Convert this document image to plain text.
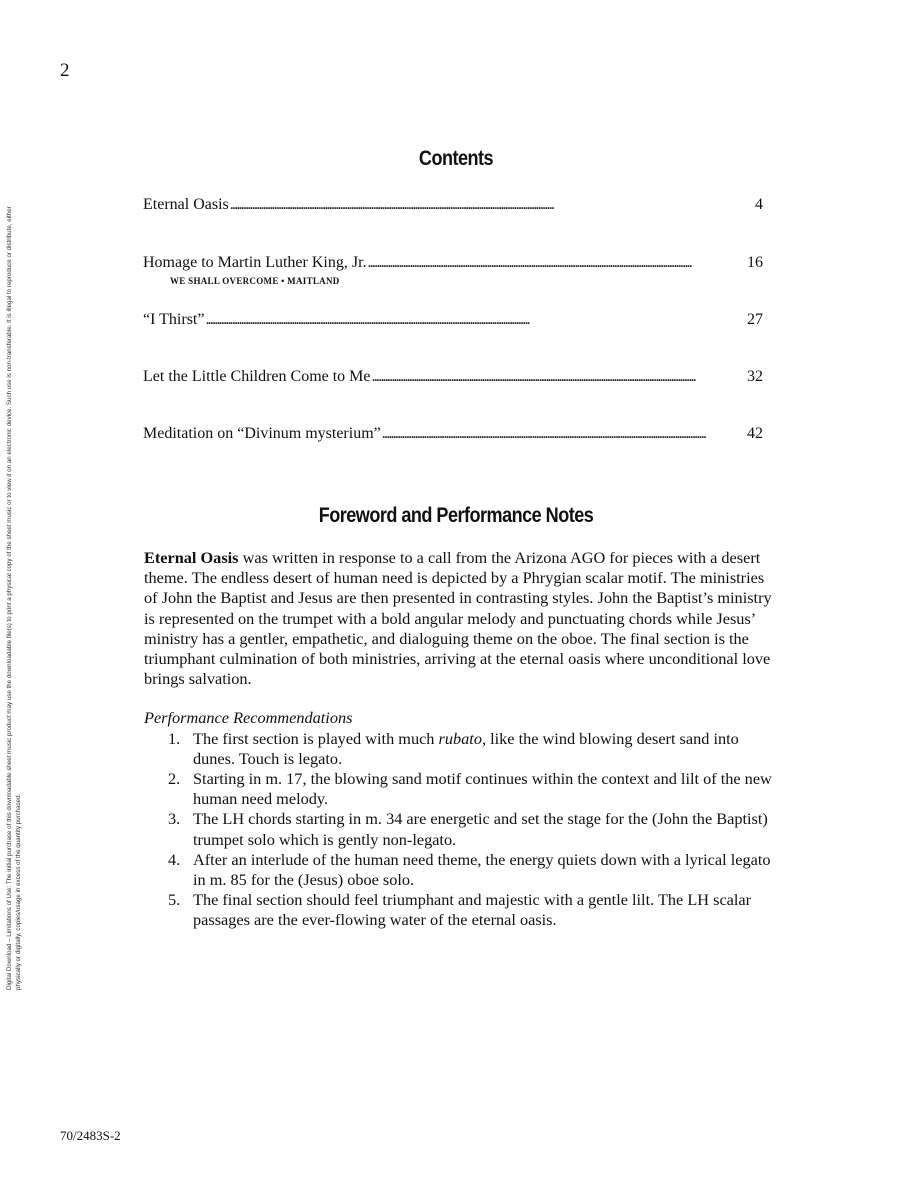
2
Digital Download – Limitations of Use: The initial purchase of this downloadable sheet music product may use the downloadable file(s) to print a physical copy of the sheet music or to view it on an electronic device. Such use is non-transferable. It is illegal to reproduce or distribute, either physically or digitally, copies/usage in excess of the quantity purchased.
Contents
Eternal Oasis . . .	4
Homage to Martin Luther King, Jr. . . .	16
WE SHALL OVERCOME • MAITLAND
“I Thirst” . . .	27
Let the Little Children Come to Me . . .	32
Meditation on “Divinum mysterium” . . .	42
Foreword and Performance Notes

Eternal Oasis was written in response to a call from the Arizona AGO for pieces with a desert theme. The endless desert of human need is depicted by a Phrygian scalar motif. The ministries of John the Baptist and Jesus are then presented in contrasting styles. John the Baptist’s ministry is represented on the trumpet with a bold angular melody and punctuating chords while Jesus’ ministry has a gentler, empathetic, and dialoguing theme on the oboe. The final section is the triumphant culmination of both ministries, arriving at the eternal oasis where unconditional love brings salvation.

Performance Recommendations

1. The first section is played with much rubato, like the wind blowing desert sand into dunes. Touch is legato.
2. Starting in m. 17, the blowing sand motif continues within the context and lilt of the new human need melody.
3. The LH chords starting in m. 34 are energetic and set the stage for the (John the Baptist) trumpet solo which is gently non-legato.
4. After an interlude of the human need theme, the energy quiets down with a lyrical legato in m. 85 for the (Jesus) oboe solo.
5. The final section should feel triumphant and majestic with a gentle lilt. The LH scalar passages are the ever-flowing water of the eternal oasis.
70/2483S-2
